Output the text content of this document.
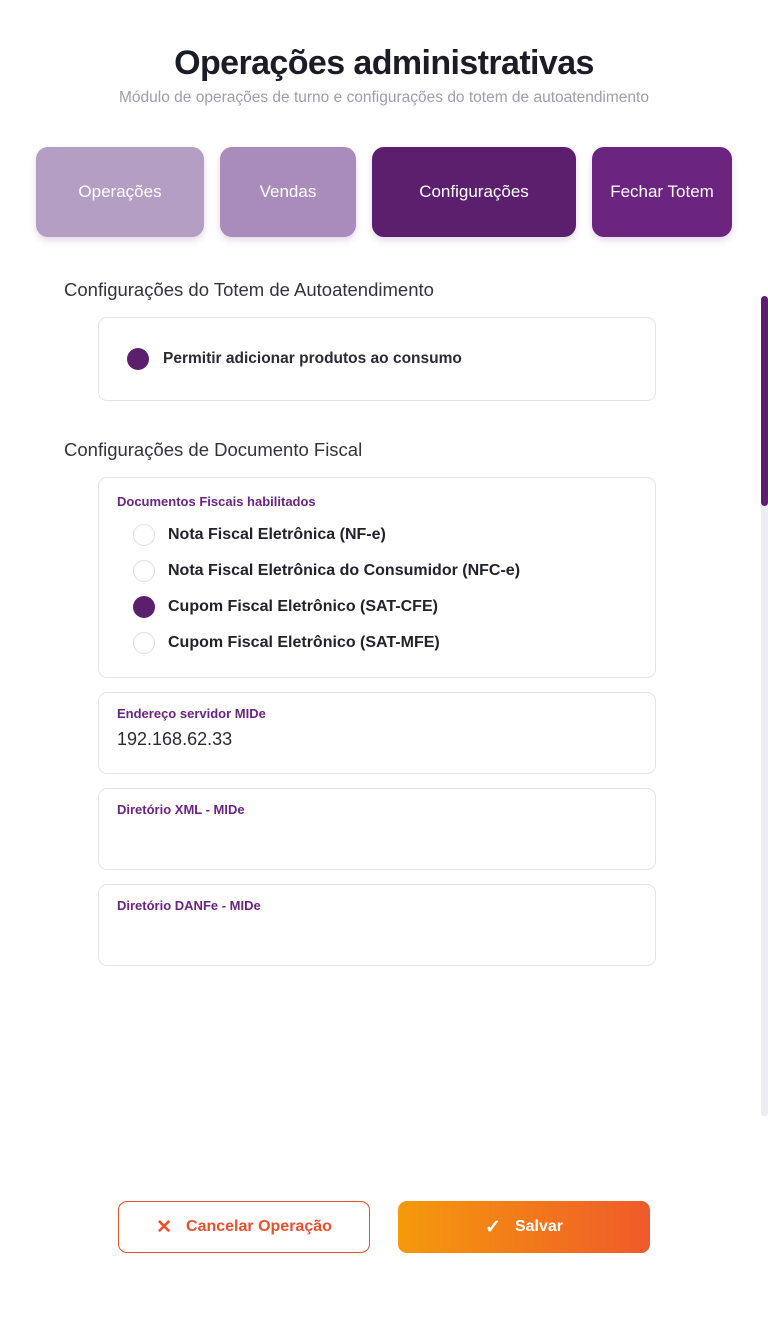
Operações administrativas

Módulo de operações de turno e configurações do totem de autoatendimento

Operações	Vendas	Configurações	Fechar Totem
Configurações do Totem de Autoatendimento
Permitir adicionar produtos ao consumo
Configurações de Documento Fiscal
Documentos Fiscais habilitados
Nota Fiscal Eletrônica (NF-e)
Nota Fiscal Eletrônica do Consumidor (NFC-e)
Cupom Fiscal Eletrônico (SAT-CFE)
Cupom Fiscal Eletrônico (SAT-MFE)
Endereço servidor MIDe
192.168.62.33
Diretório XML - MIDe
Diretório DANFe - MIDe
✕ Cancelar Operação	✓ Salvar
